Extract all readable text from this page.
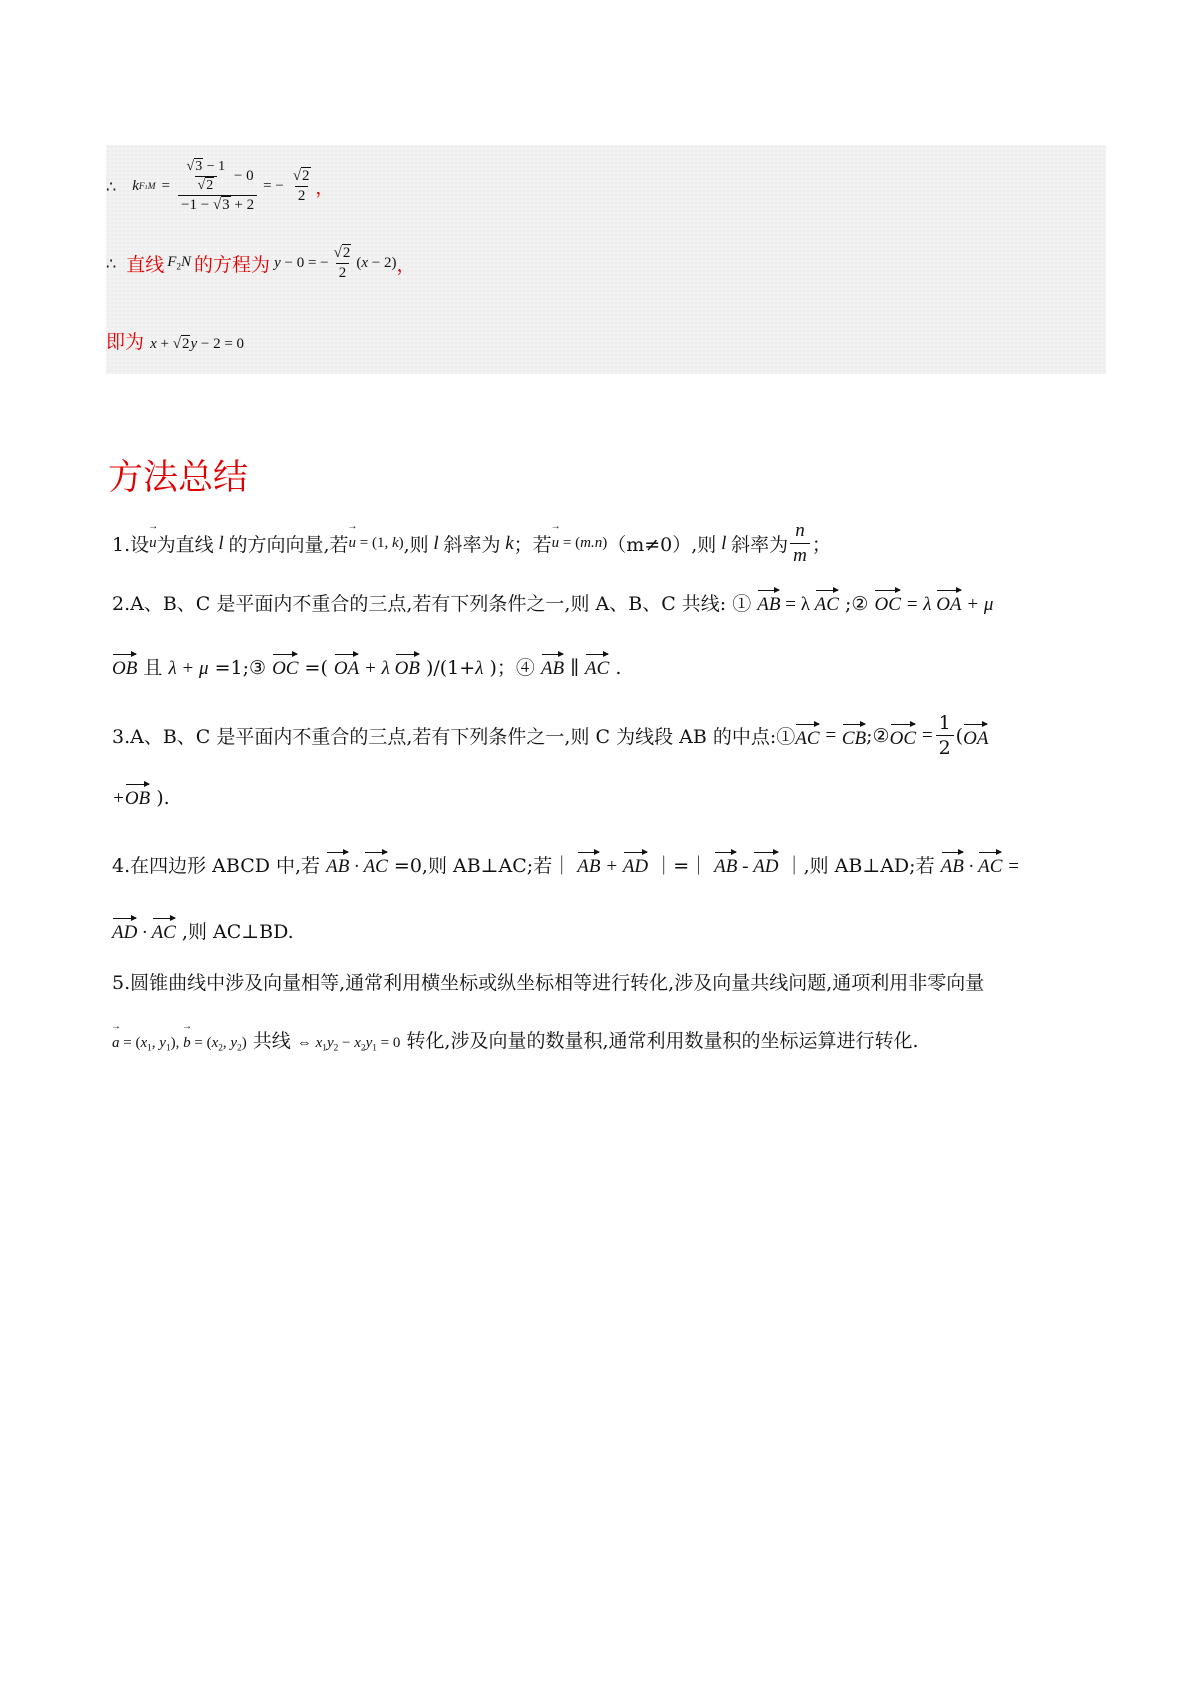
∴ k $F1M = \frac{\frac{√3 - 1}{√2} - 0}{-1 - √3 + 2}$ = − $\frac{√2}{2}$ ，
∴ 直线 $F_2N$ 的方程为 y − 0 = − $\frac{√2}{2}$ ( x − 2) ，
即为 x + √2y − 2 = 0
方法总结
1.设 → u 为直线 l 的方向向量,若 → u = (1, k) ,则 l 斜率为 k ；若 → u = (m.n) （m≠0）,则 l 斜率为 $\frac{n}{m}$ ；
2.A、B、C 是平面内不重合的三点,若有下列条件之一,则 A、B、C 共线: ① AB = λ AC ;② OC = λ OA + μ
OB 且 λ + μ =1;③ OC =( OA + λ OB )/(1+λ )；④ AB ∥ AC .
3.A、B、C 是平面内不重合的三点,若有下列条件之一,则 C 为线段 AB 的中点:① AC = CB ;② OC = $\frac{1}{2}$ ( OA
+OB ).
4.在四边形 ABCD 中,若 AB · AC =0,则 AB⊥AC;若｜ AB + AD ｜=｜ AB - AD ｜,则 AB⊥AD;若 AB · AC =
AD · AC ,则 AC⊥BD.
5.圆锥曲线中涉及向量相等,通常利用横坐标或纵坐标相等进行转化,涉及向量共线问题,通项利用非零向量
→ $a = (x_1$, $y_1$), → $b = (x_2$, $y_2$) 共线 ⇔ $x_1y_2 - x_2y_1 = 0$ 转化,涉及向量的数量积,通常利用数量积的坐标运算进行转化.
